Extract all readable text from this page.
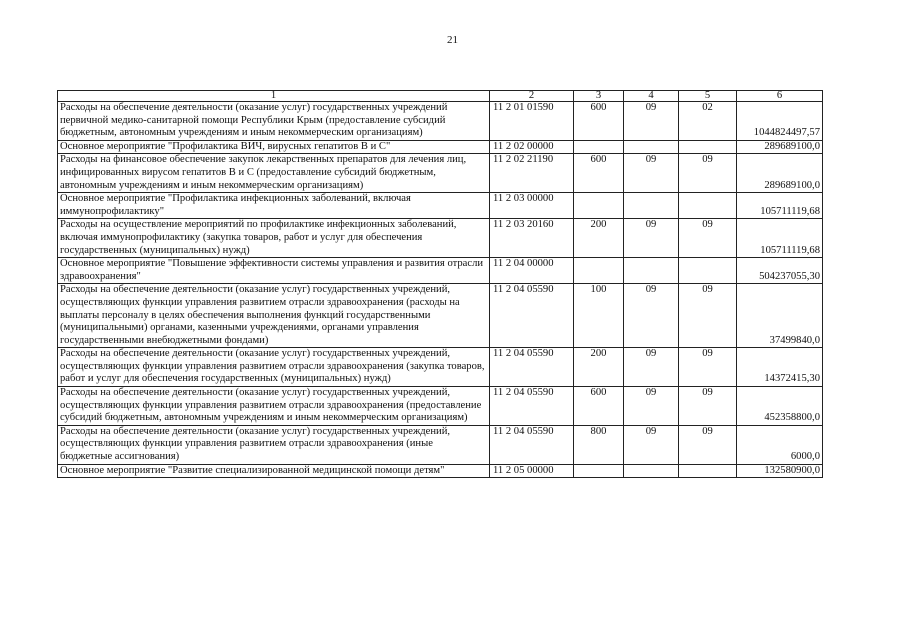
21
1	2	3	4	5	6
Расходы на обеспечение деятельности (оказание услуг) государственных учреждений первичной медико-санитарной помощи Республики Крым (предоставление субсидий бюджетным, автономным учреждениям и иным некоммерческим организациям)	11 2 01 01590	600	09	02	1044824497,57
Основное мероприятие "Профилактика ВИЧ, вирусных гепатитов В и С"	11 2 02 00000				289689100,0
Расходы на финансовое обеспечение закупок лекарственных препаратов для лечения лиц, инфицированных вирусом гепатитов В и С (предоставление субсидий бюджетным, автономным учреждениям и иным некоммерческим организациям)	11 2 02 21190	600	09	09	289689100,0
Основное мероприятие "Профилактика инфекционных заболеваний, включая иммунопрофилактику"	11 2 03 00000				105711119,68
Расходы на осуществление мероприятий по профилактике инфекционных заболеваний, включая иммунопрофилактику (закупка товаров, работ и услуг для обеспечения государственных (муниципальных) нужд)	11 2 03 20160	200	09	09	105711119,68
Основное мероприятие "Повышение эффективности системы управления и развития отрасли здравоохранения"	11 2 04 00000				504237055,30
Расходы на обеспечение деятельности (оказание услуг) государственных учреждений, осуществляющих функции управления развитием отрасли здравоохранения (расходы на выплаты персоналу в целях обеспечения выполнения функций государственными (муниципальными) органами, казенными учреждениями, органами управления государственными внебюджетными фондами)	11 2 04 05590	100	09	09	37499840,0
Расходы на обеспечение деятельности (оказание услуг) государственных учреждений, осуществляющих функции управления развитием отрасли здравоохранения (закупка товаров, работ и услуг для обеспечения государственных (муниципальных) нужд)	11 2 04 05590	200	09	09	14372415,30
Расходы на обеспечение деятельности (оказание услуг) государственных учреждений, осуществляющих функции управления развитием отрасли здравоохранения (предоставление субсидий бюджетным, автономным учреждениям и иным некоммерческим организациям)	11 2 04 05590	600	09	09	452358800,0
Расходы на обеспечение деятельности (оказание услуг) государственных учреждений, осуществляющих функции управления развитием отрасли здравоохранения (иные бюджетные ассигнования)	11 2 04 05590	800	09	09	6000,0
Основное мероприятие "Развитие специализированной медицинской помощи детям"	11 2 05 00000				132580900,0
